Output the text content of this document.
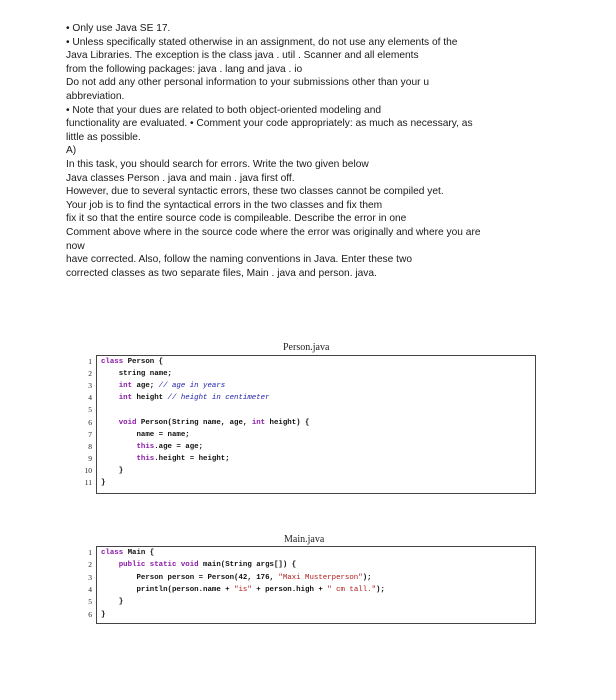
• Only use Java SE 17.
• Unless specifically stated otherwise in an assignment, do not use any elements of the
Java Libraries. The exception is the class java . util . Scanner and all elements
from the following packages: java . lang and java . io
Do not add any other personal information to your submissions other than your u
abbreviation.
• Note that your dues are related to both object-oriented modeling and
functionality are evaluated. • Comment your code appropriately: as much as necessary, as
little as possible.
A)
In this task, you should search for errors. Write the two given below
Java classes Person . java and main . java first off.
However, due to several syntactic errors, these two classes cannot be compiled yet.
Your job is to find the syntactical errors in the two classes and fix them
fix it so that the entire source code is compileable. Describe the error in one
Comment above where in the source code where the error was originally and where you are
now
have corrected. Also, follow the naming conventions in Java. Enter these two
corrected classes as two separate files, Main . java and person. java.
Person.java
1
2
3
4
5
6
7
8
9
10
11
class Person {
string name;
int age; // age in years
int height // height in centimeter
void Person(String name, age, int height) {
name = name;
this.age = age;
this.height = height;
}
}
Main.java
1
2
3
4
5
6
class Main {
public static void main(String args[]) {
Person person = Person(42, 176, "Maxi Musterperson");
println(person.name + "is" + person.high + " cm tall.");
}
}
